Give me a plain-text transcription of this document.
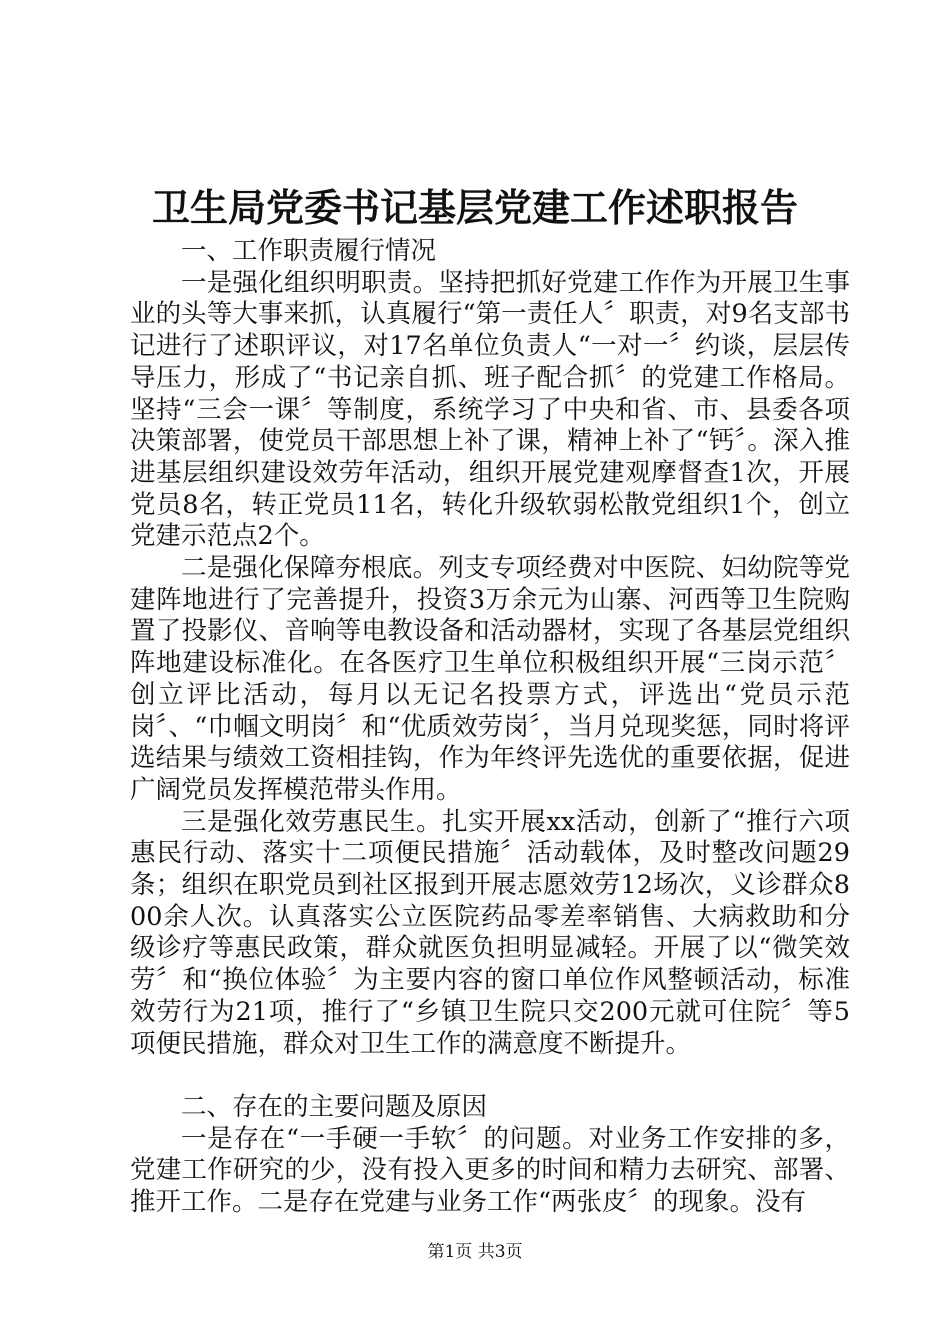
卫生局党委书记基层党建工作述职报告

一、工作职责履行情况

一是强化组织明职责。坚持把抓好党建工作作为开展卫生事业的头等大事来抓，认真履行“第一责任人〞职责，对9名支部书记进行了述职评议，对17名单位负责人“一对一〞约谈，层层传导压力，形成了“书记亲自抓、班子配合抓〞的党建工作格局。坚持“三会一课〞等制度，系统学习了中央和省、市、县委各项决策部署，使党员干部思想上补了课，精神上补了“钙〞。深入推进基层组织建设效劳年活动，组织开展党建观摩督查1次，开展党员8名，转正党员11名，转化升级软弱松散党组织1个，创立党建示范点2个。

二是强化保障夯根底。列支专项经费对中医院、妇幼院等党建阵地进行了完善提升，投资3万余元为山寨、河西等卫生院购置了投影仪、音响等电教设备和活动器材，实现了各基层党组织阵地建设标准化。在各医疗卫生单位积极组织开展“三岗示范〞创立评比活动，每月以无记名投票方式，评选出“党员示范岗〞、“巾帼文明岗〞和“优质效劳岗〞，当月兑现奖惩，同时将评选结果与绩效工资相挂钩，作为年终评先选优的重要依据，促进广阔党员发挥模范带头作用。

三是强化效劳惠民生。扎实开展xx活动，创新了“推行六项惠民行动、落实十二项便民措施〞活动载体，及时整改问题29条；组织在职党员到社区报到开展志愿效劳12场次，义诊群众800余人次。认真落实公立医院药品零差率销售、大病救助和分级诊疗等惠民政策，群众就医负担明显减轻。开展了以“微笑效劳〞和“换位体验〞为主要内容的窗口单位作风整顿活动，标准效劳行为21项，推行了“乡镇卫生院只交200元就可住院〞等5项便民措施，群众对卫生工作的满意度不断提升。

二、存在的主要问题及原因

一是存在“一手硬一手软〞的问题。对业务工作安排的多，党建工作研究的少，没有投入更多的时间和精力去研究、部署、推开工作。二是存在党建与业务工作“两张皮〞的现象。没有

第1页 共3页
